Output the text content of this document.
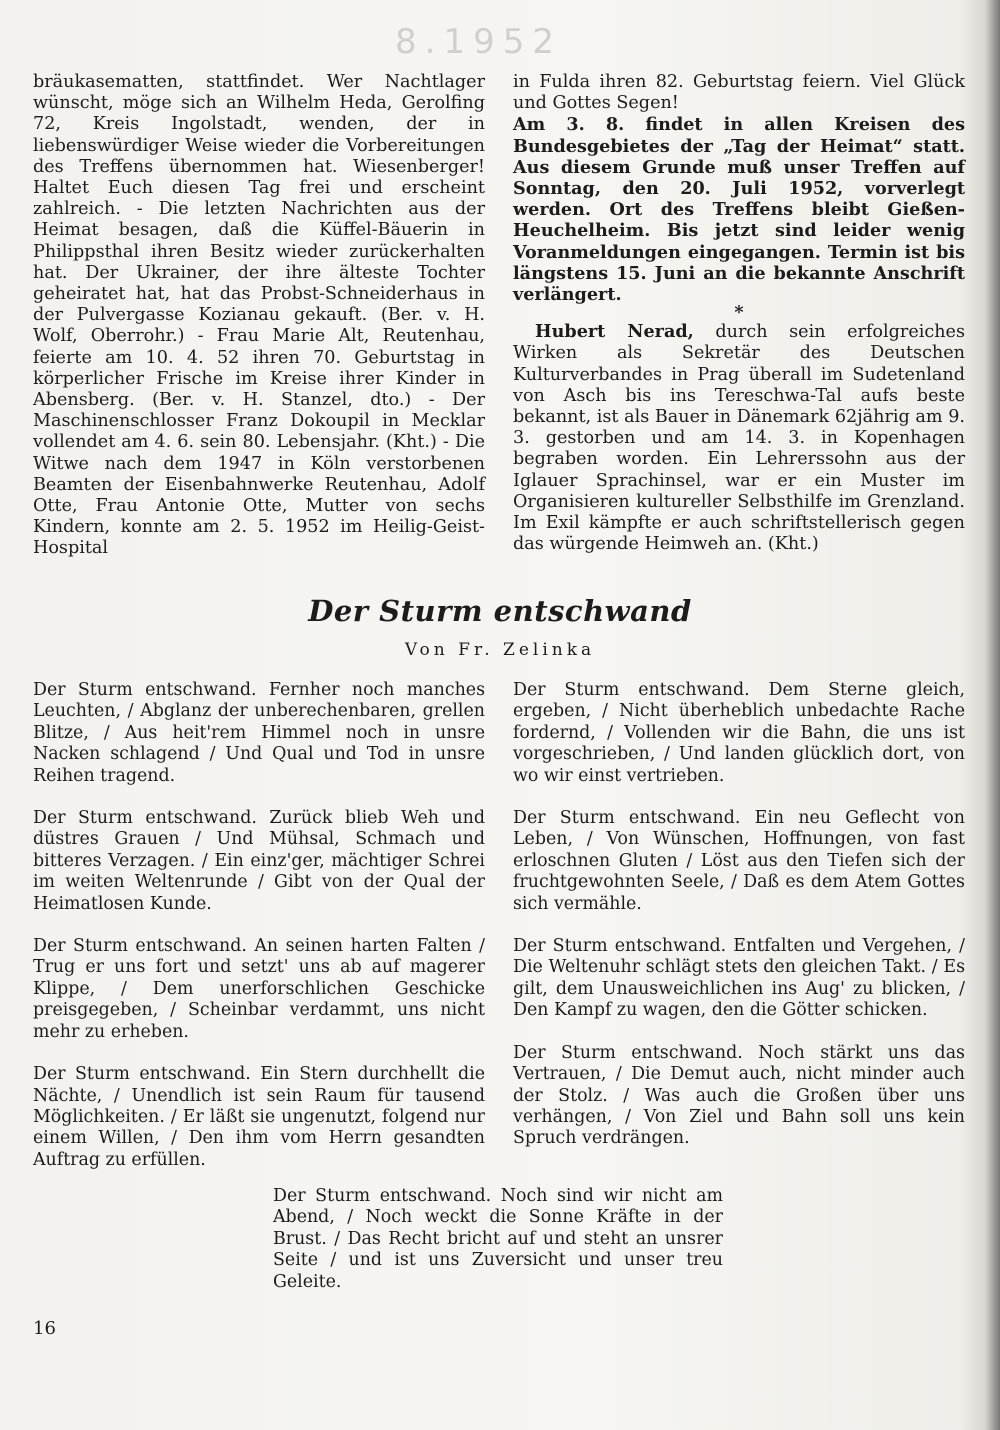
8.1952

bräukasematten, stattfindet. Wer Nachtlager wünscht, möge sich an Wilhelm Heda, Gerolfing 72, Kreis Ingolstadt, wenden, der in liebenswürdiger Weise wieder die Vorbereitungen des Treffens übernommen hat. Wiesenberger! Haltet Euch diesen Tag frei und erscheint zahlreich. - Die letzten Nachrichten aus der Heimat besagen, daß die Küffel-Bäuerin in Philippsthal ihren Besitz wieder zurückerhalten hat. Der Ukrainer, der ihre älteste Tochter geheiratet hat, hat das Probst-Schneiderhaus in der Pulvergasse Kozianau gekauft. (Ber. v. H. Wolf, Oberrohr.) - Frau Marie Alt, Reutenhau, feierte am 10. 4. 52 ihren 70. Geburtstag in körperlicher Frische im Kreise ihrer Kinder in Abensberg. (Ber. v. H. Stanzel, dto.) - Der Maschinenschlosser Franz Dokoupil in Mecklar vollendet am 4. 6. sein 80. Lebensjahr. (Kht.) - Die Witwe nach dem 1947 in Köln verstorbenen Beamten der Eisenbahnwerke Reutenhau, Adolf Otte, Frau Antonie Otte, Mutter von sechs Kindern, konnte am 2. 5. 1952 im Heilig-Geist-Hospital

in Fulda ihren 82. Geburtstag feiern. Viel Glück und Gottes Segen!

Am 3. 8. findet in allen Kreisen des Bundesgebietes der „Tag der Heimat“ statt. Aus diesem Grunde muß unser Treffen auf Sonntag, den 20. Juli 1952, vorverlegt werden. Ort des Treffens bleibt Gießen-Heuchelheim. Bis jetzt sind leider wenig Voranmeldungen eingegangen. Termin ist bis längstens 15. Juni an die bekannte Anschrift verlängert.

*

Hubert Nerad, durch sein erfolgreiches Wirken als Sekretär des Deutschen Kulturverbandes in Prag überall im Sudetenland von Asch bis ins Tereschwa-Tal aufs beste bekannt, ist als Bauer in Dänemark 62jährig am 9. 3. gestorben und am 14. 3. in Kopenhagen begraben worden. Ein Lehrerssohn aus der Iglauer Sprachinsel, war er ein Muster im Organisieren kultureller Selbsthilfe im Grenzland. Im Exil kämpfte er auch schriftstellerisch gegen das würgende Heimweh an. (Kht.)

Der Sturm entschwand
Von Fr. Zelinka

Der Sturm entschwand. Fernher noch manches Leuchten, / Abglanz der unberechenbaren, grellen Blitze, / Aus heit'rem Himmel noch in unsre Nacken schlagend / Und Qual und Tod in unsre Reihen tragend.

Der Sturm entschwand. Zurück blieb Weh und düstres Grauen / Und Mühsal, Schmach und bitteres Verzagen. / Ein einz'ger, mächtiger Schrei im weiten Weltenrunde / Gibt von der Qual der Heimatlosen Kunde.

Der Sturm entschwand. An seinen harten Falten / Trug er uns fort und setzt' uns ab auf magerer Klippe, / Dem unerforschlichen Geschicke preisgegeben, / Scheinbar verdammt, uns nicht mehr zu erheben.

Der Sturm entschwand. Ein Stern durchhellt die Nächte, / Unendlich ist sein Raum für tausend Möglichkeiten. / Er läßt sie ungenutzt, folgend nur einem Willen, / Den ihm vom Herrn gesandten Auftrag zu erfüllen.

Der Sturm entschwand. Dem Sterne gleich, ergeben, / Nicht überheblich unbedachte Rache fordernd, / Vollenden wir die Bahn, die uns ist vorgeschrieben, / Und landen glücklich dort, von wo wir einst vertrieben.

Der Sturm entschwand. Ein neu Geflecht von Leben, / Von Wünschen, Hoffnungen, von fast erloschnen Gluten / Löst aus den Tiefen sich der fruchtgewohnten Seele, / Daß es dem Atem Gottes sich vermähle.

Der Sturm entschwand. Entfalten und Vergehen, / Die Weltenuhr schlägt stets den gleichen Takt. / Es gilt, dem Unausweichlichen ins Aug' zu blicken, / Den Kampf zu wagen, den die Götter schicken.

Der Sturm entschwand. Noch stärkt uns das Vertrauen, / Die Demut auch, nicht minder auch der Stolz. / Was auch die Großen über uns verhängen, / Von Ziel und Bahn soll uns kein Spruch verdrängen.

Der Sturm entschwand. Noch sind wir nicht am Abend, / Noch weckt die Sonne Kräfte in der Brust. / Das Recht bricht auf und steht an unsrer Seite / und ist uns Zuversicht und unser treu Geleite.

16
